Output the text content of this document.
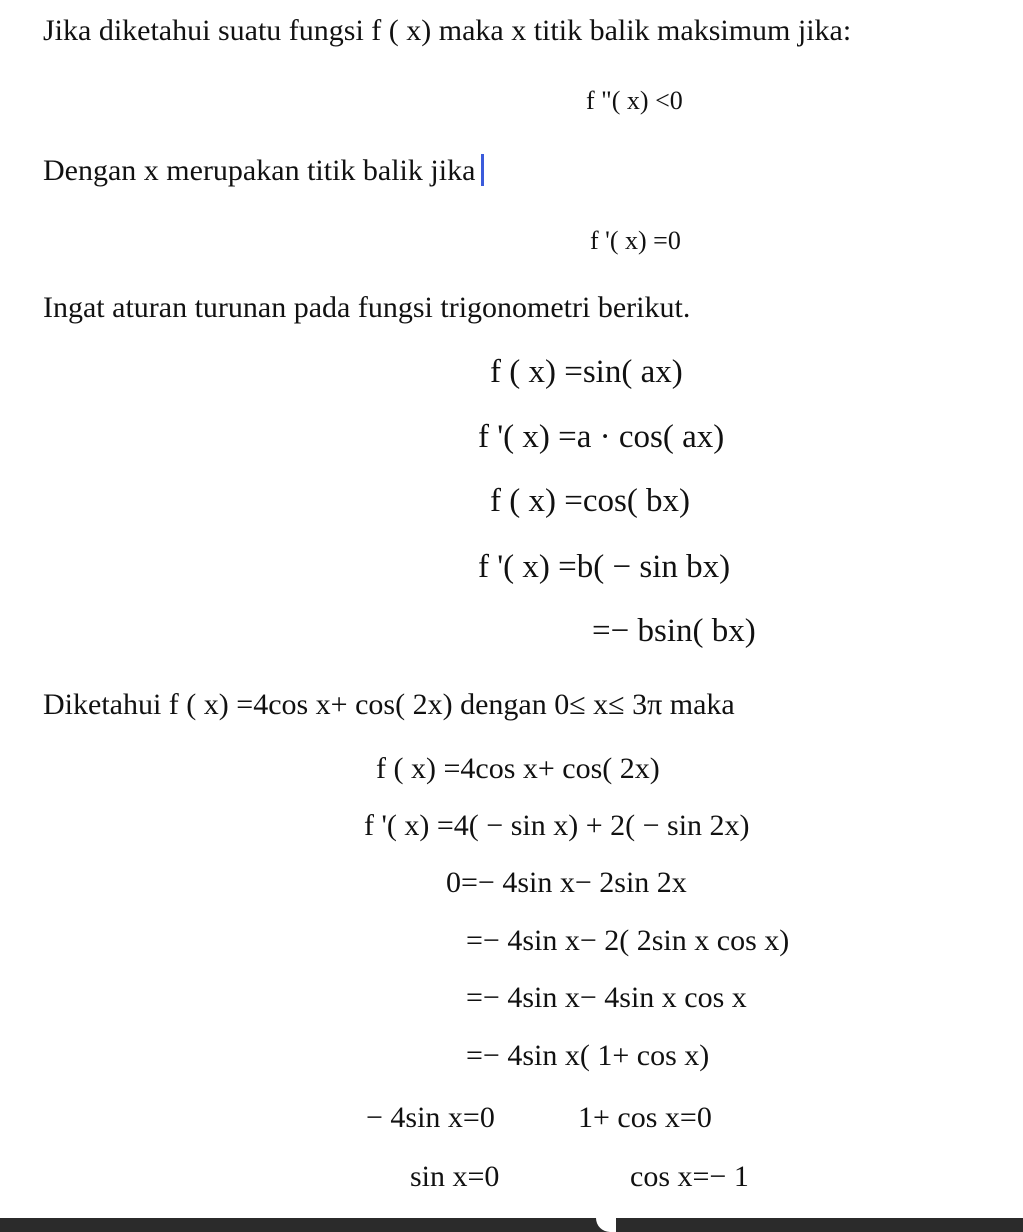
Jika diketahui suatu fungsi f ( x) maka x titik balik maksimum jika:
f "( x) <0
Dengan x merupakan titik balik jika
f '( x) =0
Ingat aturan turunan pada fungsi trigonometri berikut.
f ( x) =sin( ax)
f '( x) =a · cos( ax)
f ( x) =cos( bx)
f '( x) =b( − sin bx)
=− bsin( bx)
Diketahui f ( x) =4cos x+ cos( 2x) dengan 0≤ x≤ 3π maka
f ( x) =4cos x+ cos( 2x)
f '( x) =4( − sin x) + 2( − sin 2x)
0=− 4sin x− 2sin 2x
=− 4sin x− 2( 2sin x cos x)
=− 4sin x− 4sin x cos x
=− 4sin x( 1+ cos x)
− 4sin x=0	1+ cos x=0
sin x=0	cos x=− 1
